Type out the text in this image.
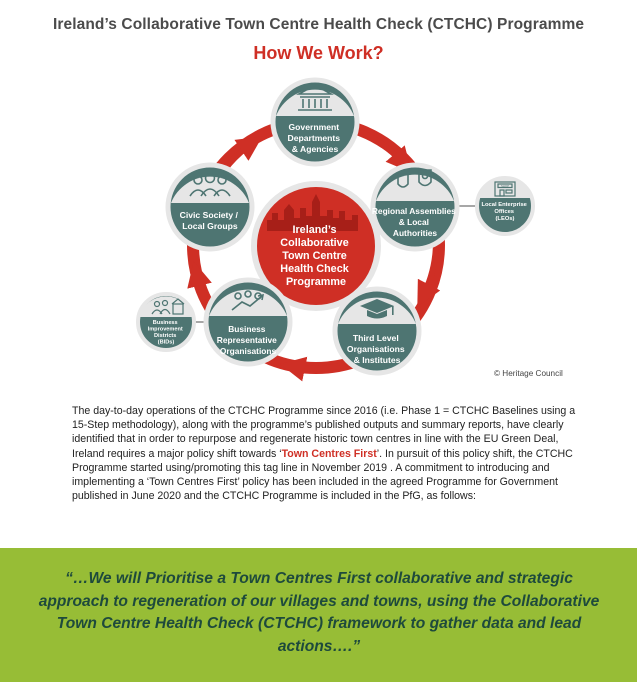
Ireland’s Collaborative Town Centre Health Check (CTCHC) Programme
How We Work?
Ireland’s Collaborative Town Centre Health Check Programme
Government Departments & Agencies
Regional Assemblies & Local Authorities
Third Level Organisations & Institutes
Business Representative Organisations
Civic Society / Local Groups
SHOP
Local Enterprise Offices (LEOs)
Business Improvement Districts (BIDs)
© Heritage Council

The day-to-day operations of the CTCHC Programme since 2016 (i.e. Phase 1 = CTCHC Baselines using a 15-Step methodology), along with the programme’s published outputs and summary reports, have clearly identified that in order to repurpose and regenerate historic town centres in line with the EU Green Deal, Ireland requires a major policy shift towards ‘Town Centres First’. In pursuit of this policy shift, the CTCHC Programme started using/promoting this tag line in November 2019 . A commitment to introducing and implementing a ‘Town Centres First’ policy has been included in the agreed Programme for Government published in June 2020 and the CTCHC Programme is included in the PfG, as follows:

“…We will Prioritise a Town Centres First collaborative and strategic approach to regeneration of our villages and towns, using the Collaborative Town Centre Health Check (CTCHC) framework to gather data and lead actions….”
